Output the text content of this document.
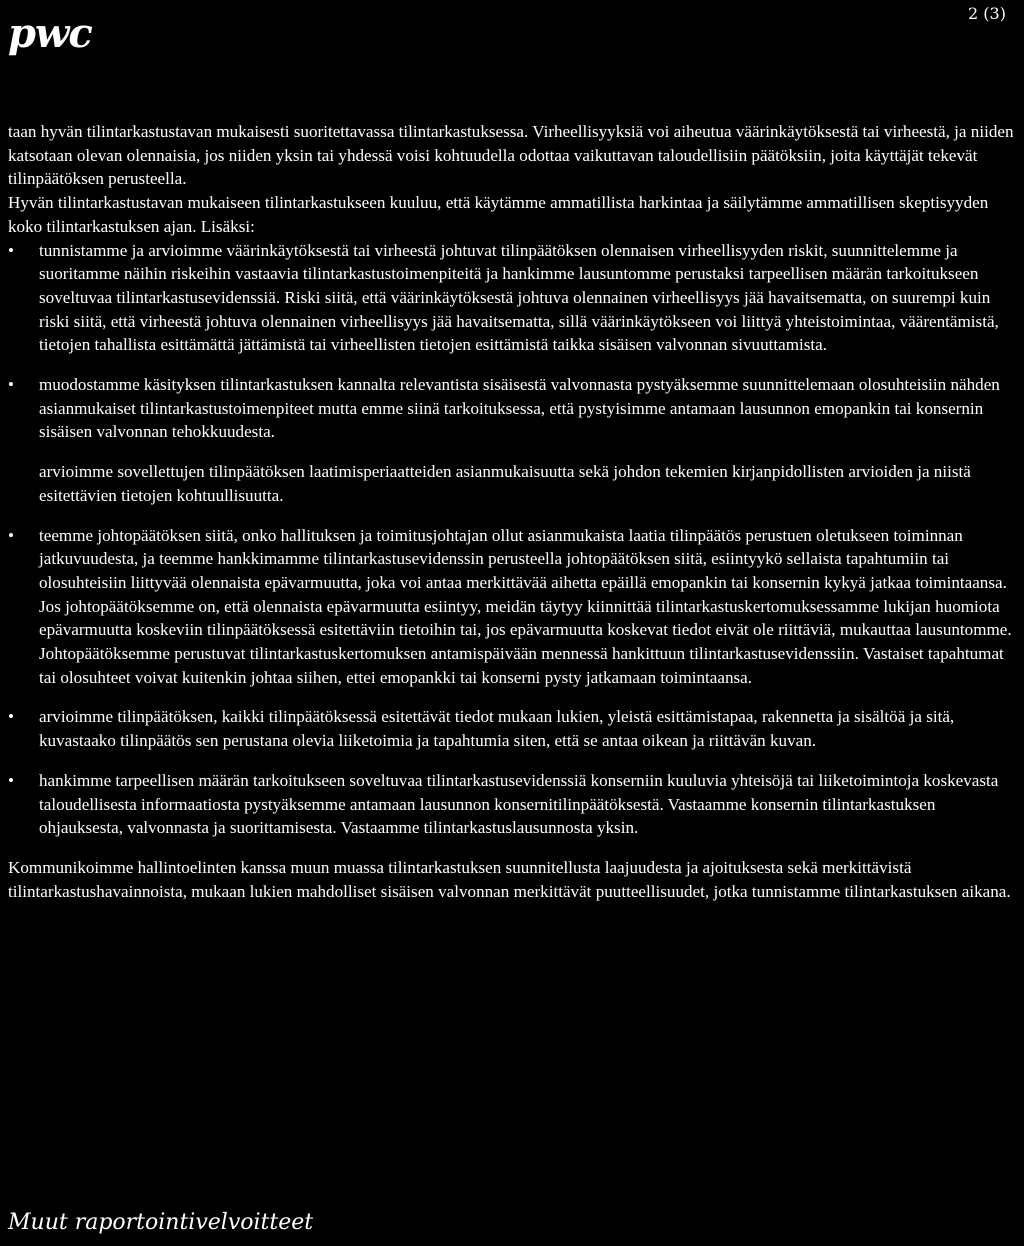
pwc	2 (3)

taan hyvän tilintarkastustavan mukaisesti suoritettavassa tilintarkastuksessa. Virheellisyyksiä voi aiheutua väärinkäytöksestä tai virheestä, ja niiden katsotaan olevan olennaisia, jos niiden yksin tai yhdessä voisi kohtuudella odottaa vaikuttavan taloudellisiin päätöksiin, joita käyttäjät tekevät tilinpäätöksen perusteella.

Hyvän tilintarkastustavan mukaiseen tilintarkastukseen kuuluu, että käytämme ammatillista harkintaa ja säilytämme ammatillisen skeptisyyden koko tilintarkastuksen ajan. Lisäksi:

•	tunnistamme ja arvioimme väärinkäytöksestä tai virheestä johtuvat tilinpäätöksen olennaisen virheellisyyden riskit, suunnittelemme ja suoritamme näihin riskeihin vastaavia tilintarkastustoimenpiteitä ja hankimme lausuntomme perustaksi tarpeellisen määrän tarkoitukseen soveltuvaa tilintarkastusevidenssiä. Riski siitä, että väärinkäytöksestä johtuva olennainen virheellisyys jää havaitsematta, on suurempi kuin riski siitä, että virheestä johtuva olennainen virheellisyys jää havaitsematta, sillä väärinkäytökseen voi liittyä yhteistoimintaa, väärentämistä, tietojen tahallista esittämättä jättämistä tai virheellisten tietojen esittämistä taikka sisäisen valvonnan sivuuttamista.

•	muodostamme käsityksen tilintarkastuksen kannalta relevantista sisäisestä valvonnasta pystyäksemme suunnittelemaan olosuhteisiin nähden asianmukaiset tilintarkastustoimenpiteet mutta emme siinä tarkoituksessa, että pystyisimme antamaan lausunnon emopankin tai konsernin sisäisen valvonnan tehokkuudesta.

arvioimme sovellettujen tilinpäätöksen laatimisperiaatteiden asianmukaisuutta sekä johdon tekemien kirjanpidollisten arvioiden ja niistä esitettävien tietojen kohtuullisuutta.

•	teemme johtopäätöksen siitä, onko hallituksen ja toimitusjohtajan ollut asianmukaista laatia tilinpäätös perustuen oletukseen toiminnan jatkuvuudesta, ja teemme hankkimamme tilintarkastusevidenssin perusteella johtopäätöksen siitä, esiintyykö sellaista tapahtumiin tai olosuhteisiin liittyvää olennaista epävarmuutta, joka voi antaa merkittävää aihetta epäillä emopankin tai konsernin kykyä jatkaa toimintaansa. Jos johtopäätöksemme on, että olennaista epävarmuutta esiintyy, meidän täytyy kiinnittää tilintarkastuskertomuksessamme lukijan huomiota epävarmuutta koskeviin tilinpäätöksessä esitettäviin tietoihin tai, jos epävarmuutta koskevat tiedot eivät ole riittäviä, mukauttaa lausuntomme. Johtopäätöksemme perustuvat tilintarkastuskertomuksen antamispäivään mennessä hankittuun tilintarkastusevidenssiin. Vastaiset tapahtumat tai olosuhteet voivat kuitenkin johtaa siihen, ettei emopankki tai konserni pysty jatkamaan toimintaansa.

•	arvioimme tilinpäätöksen, kaikki tilinpäätöksessä esitettävät tiedot mukaan lukien, yleistä esittämistapaa, rakennetta ja sisältöä ja sitä, kuvastaako tilinpäätös sen perustana olevia liiketoimia ja tapahtumia siten, että se antaa oikean ja riittävän kuvan.

•	hankimme tarpeellisen määrän tarkoitukseen soveltuvaa tilintarkastusevidenssiä konserniin kuuluvia yhteisöjä tai liiketoimintoja koskevasta taloudellisesta informaatiosta pystyäksemme antamaan lausunnon konsernitilinpäätöksestä. Vastaamme konsernin tilintarkastuksen ohjauksesta, valvonnasta ja suorittamisesta. Vastaamme tilintarkastuslausunnosta yksin.

Kommunikoimme hallintoelinten kanssa muun muassa tilintarkastuksen suunnitellusta laajuudesta ja ajoituksesta sekä merkittävistä tilintarkastushavainnoista, mukaan lukien mahdolliset sisäisen valvonnan merkittävät puutteellisuudet, jotka tunnistamme tilintarkastuksen aikana.

Muut raportointivelvoitteet
